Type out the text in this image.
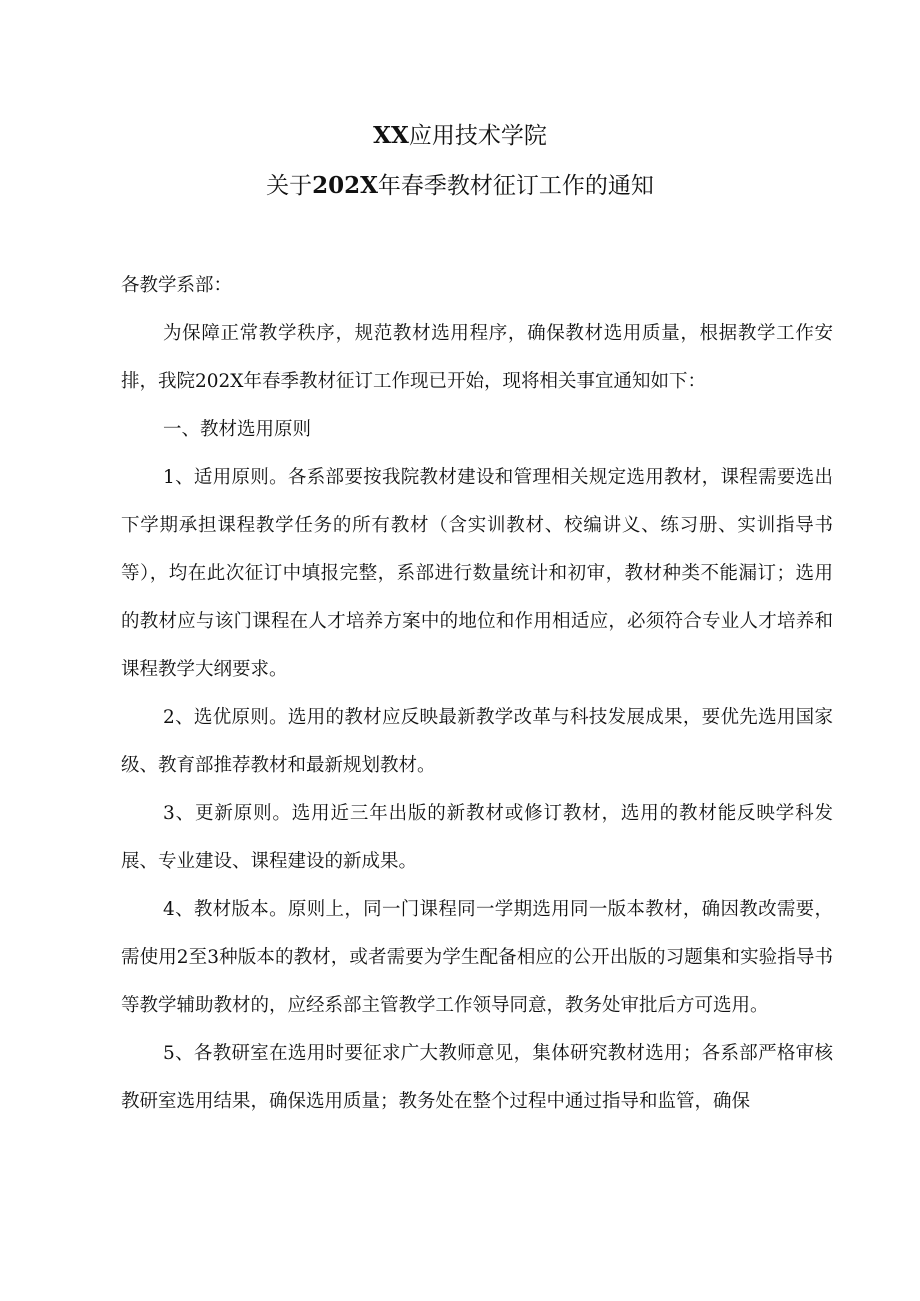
XX应用技术学院
关于202X年春季教材征订工作的通知

各教学系部：

为保障正常教学秩序，规范教材选用程序，确保教材选用质量，根据教学工作安排，我院202X年春季教材征订工作现已开始，现将相关事宜通知如下：

一、教材选用原则

1、适用原则。各系部要按我院教材建设和管理相关规定选用教材，课程需要选出下学期承担课程教学任务的所有教材（含实训教材、校编讲义、练习册、实训指导书等），均在此次征订中填报完整，系部进行数量统计和初审，教材种类不能漏订；选用的教材应与该门课程在人才培养方案中的地位和作用相适应，必须符合专业人才培养和课程教学大纲要求。

2、选优原则。选用的教材应反映最新教学改革与科技发展成果，要优先选用国家级、教育部推荐教材和最新规划教材。

3、更新原则。选用近三年出版的新教材或修订教材，选用的教材能反映学科发展、专业建设、课程建设的新成果。

4、教材版本。原则上，同一门课程同一学期选用同一版本教材，确因教改需要，需使用2至3种版本的教材，或者需要为学生配备相应的公开出版的习题集和实验指导书等教学辅助教材的，应经系部主管教学工作领导同意，教务处审批后方可选用。

5、各教研室在选用时要征求广大教师意见，集体研究教材选用；各系部严格审核教研室选用结果，确保选用质量；教务处在整个过程中通过指导和监管，确保
